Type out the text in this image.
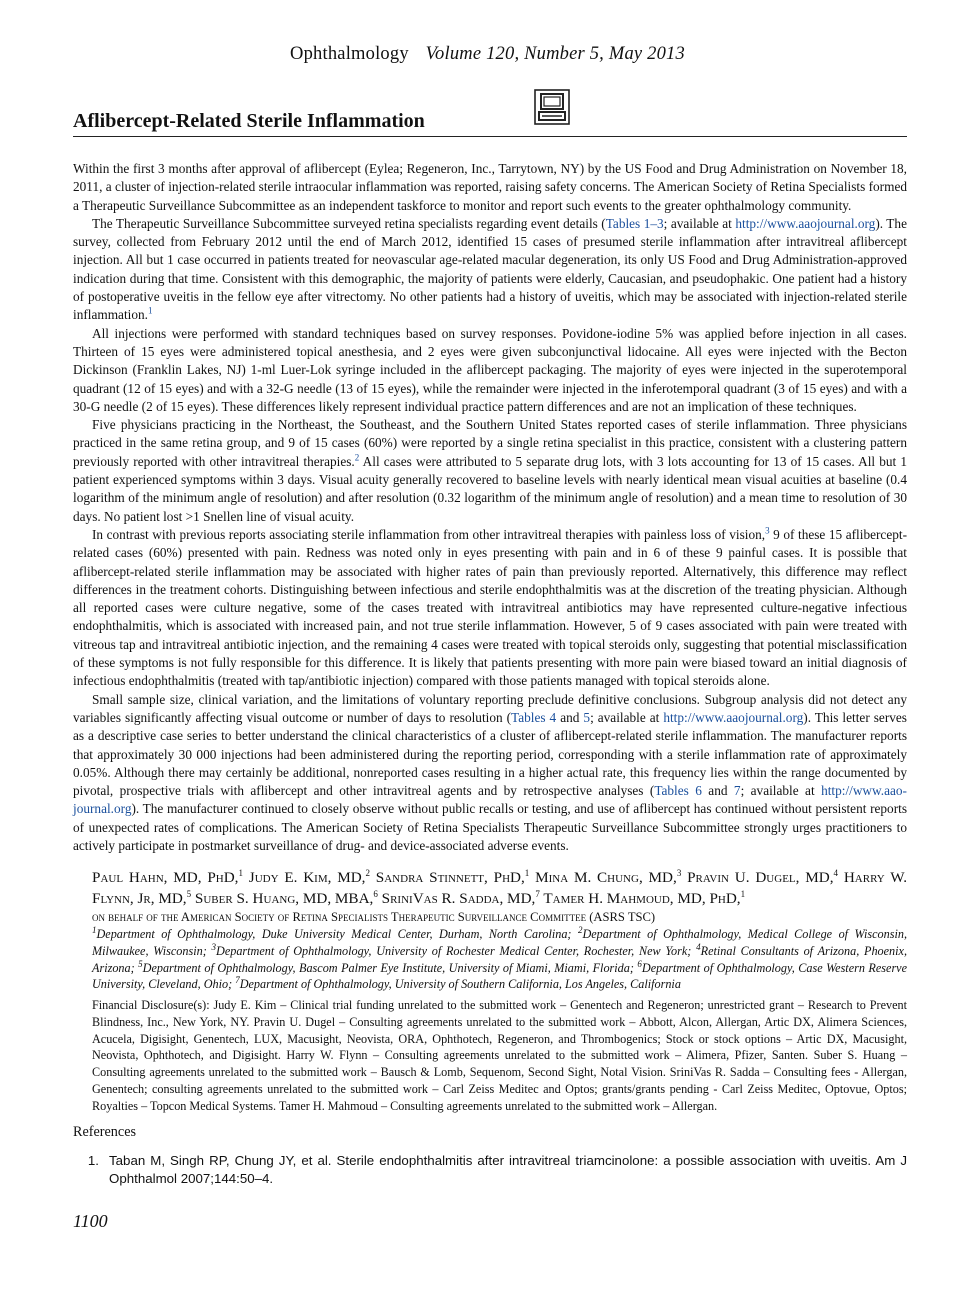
Ophthalmology Volume 120, Number 5, May 2013
Aflibercept-Related Sterile Inflammation

Within the first 3 months after approval of aflibercept (Eylea; Regeneron, Inc., Tarrytown, NY) by the US Food and Drug Administration on November 18, 2011, a cluster of injection-related sterile intraocular inflammation was reported, raising safety concerns. The American Society of Retina Specialists formed a Therapeutic Surveillance Subcommittee as an independent taskforce to monitor and report such events to the greater ophthalmology community.

The Therapeutic Surveillance Subcommittee surveyed retina specialists regarding event details (Tables 1–3; available at http://www.aaojournal.org). The survey, collected from February 2012 until the end of March 2012, identified 15 cases of presumed sterile inflammation after intravitreal aflibercept injection. All but 1 case occurred in patients treated for neovascular age-related macular degeneration, its only US Food and Drug Administration-approved indication during that time. Consistent with this demographic, the majority of patients were elderly, Caucasian, and pseudophakic. One patient had a history of postoperative uveitis in the fellow eye after vitrectomy. No other patients had a history of uveitis, which may be associated with injection-related sterile inflammation.$^1$

All injections were performed with standard techniques based on survey responses. Povidone-iodine 5% was applied before injection in all cases. Thirteen of 15 eyes were administered topical anesthesia, and 2 eyes were given subconjunctival lidocaine. All eyes were injected with the Becton Dickinson (Franklin Lakes, NJ) 1-ml Luer-Lok syringe included in the aflibercept packaging. The majority of eyes were injected in the superotemporal quadrant (12 of 15 eyes) and with a 32-G needle (13 of 15 eyes), while the remainder were injected in the inferotemporal quadrant (3 of 15 eyes) and with a 30-G needle (2 of 15 eyes). These differences likely represent individual practice pattern differences and are not an implication of these techniques.

Five physicians practicing in the Northeast, the Southeast, and the Southern United States reported cases of sterile inflammation. Three physicians practiced in the same retina group, and 9 of 15 cases (60%) were reported by a single retina specialist in this practice, consistent with a clustering pattern previously reported with other intravitreal therapies.$^2$ All cases were attributed to 5 separate drug lots, with 3 lots accounting for 13 of 15 cases. All but 1 patient experienced symptoms within 3 days. Visual acuity generally recovered to baseline levels with nearly identical mean visual acuities at baseline (0.4 logarithm of the minimum angle of resolution) and after resolution (0.32 logarithm of the minimum angle of resolution) and a mean time to resolution of 30 days. No patient lost >1 Snellen line of visual acuity.

In contrast with previous reports associating sterile inflammation from other intravitreal therapies with painless loss of vision,$^3$ 9 of these 15 aflibercept-related cases (60%) presented with pain. Redness was noted only in eyes presenting with pain and in 6 of these 9 painful cases. It is possible that aflibercept-related sterile inflammation may be associated with higher rates of pain than previously reported. Alternatively, this difference may reflect differences in the treatment cohorts. Distinguishing between infectious and sterile endophthalmitis was at the discretion of the treating physician. Although all reported cases were culture negative, some of the cases treated with intravitreal antibiotics may have represented culture-negative infectious endophthalmitis, which is associated with increased pain, and not true sterile inflammation. However, 5 of 9 cases associated with pain were treated with vitreous tap and intravitreal antibiotic injection, and the remaining 4 cases were treated with topical steroids only, suggesting that potential misclassification of these symptoms is not fully responsible for this difference. It is likely that patients presenting with more pain were biased toward an initial diagnosis of infectious endophthalmitis (treated with tap/antibiotic injection) compared with those patients managed with topical steroids alone.

Small sample size, clinical variation, and the limitations of voluntary reporting preclude definitive conclusions. Subgroup analysis did not detect any variables significantly affecting visual outcome or number of days to resolution (Tables 4 and 5; available at http://www.aaojournal.org). This letter serves as a descriptive case series to better understand the clinical characteristics of a cluster of aflibercept-related sterile inflammation. The manufacturer reports that approximately 30 000 injections had been administered during the reporting period, corresponding with a sterile inflammation rate of approximately 0.05%. Although there may certainly be additional, nonreported cases resulting in a higher actual rate, this frequency lies within the range documented by pivotal, prospective trials with aflibercept and other intravitreal agents and by retrospective analyses (Tables 6 and 7; available at http://www.aao-journal.org). The manufacturer continued to closely observe without public recalls or testing, and use of aflibercept has continued without persistent reports of unexpected rates of complications. The American Society of Retina Specialists Therapeutic Surveillance Subcommittee strongly urges practitioners to actively participate in postmarket surveillance of drug- and device-associated adverse events.

Paul Hahn, MD, PhD,$^1$ Judy E. Kim, MD,$^2$ Sandra Stinnett, PhD,$^1$ Mina M. Chung, MD,$^3$ Pravin U. Dugel, MD,$^4$ Harry W. Flynn, Jr, MD,$^5$ Suber S. Huang, MD, MBA,$^6$ SriniVas R. Sadda, MD,$^7$ Tamer H. Mahmoud, MD, PhD,$^1$

on behalf of the American Society of Retina Specialists Therapeutic Surveillance Committee (ASRS TSC)

$^1$Department of Ophthalmology, Duke University Medical Center, Durham, North Carolina; $^2$Department of Ophthalmology, Medical College of Wisconsin, Milwaukee, Wisconsin; $^3$Department of Ophthalmology, University of Rochester Medical Center, Rochester, New York; $^4$Retinal Consultants of Arizona, Phoenix, Arizona; $^5$Department of Ophthalmology, Bascom Palmer Eye Institute, University of Miami, Miami, Florida; $^6$Department of Ophthalmology, Case Western Reserve University, Cleveland, Ohio; $^7$Department of Ophthalmology, University of Southern California, Los Angeles, California

Financial Disclosure(s): Judy E. Kim – Clinical trial funding unrelated to the submitted work – Genentech and Regeneron; unrestricted grant – Research to Prevent Blindness, Inc., New York, NY. Pravin U. Dugel – Consulting agreements unrelated to the submitted work – Abbott, Alcon, Allergan, Artic DX, Alimera Sciences, Acucela, Digisight, Genentech, LUX, Macusight, Neovista, ORA, Ophthotech, Regeneron, and Thrombogenics; Stock or stock options – Artic DX, Macusight, Neovista, Ophthotech, and Digisight. Harry W. Flynn – Consulting agreements unrelated to the submitted work – Alimera, Pfizer, Santen. Suber S. Huang – Consulting agreements unrelated to the submitted work – Bausch & Lomb, Sequenom, Second Sight, Notal Vision. SriniVas R. Sadda – Consulting fees - Allergan, Genentech; consulting agreements unrelated to the submitted work – Carl Zeiss Meditec and Optos; grants/grants pending - Carl Zeiss Meditec, Optovue, Optos; Royalties – Topcon Medical Systems. Tamer H. Mahmoud – Consulting agreements unrelated to the submitted work – Allergan.

References
1. Taban M, Singh RP, Chung JY, et al. Sterile endophthalmitis after intravitreal triamcinolone: a possible association with uveitis. Am J Ophthalmol 2007;144:50–4.

1100
